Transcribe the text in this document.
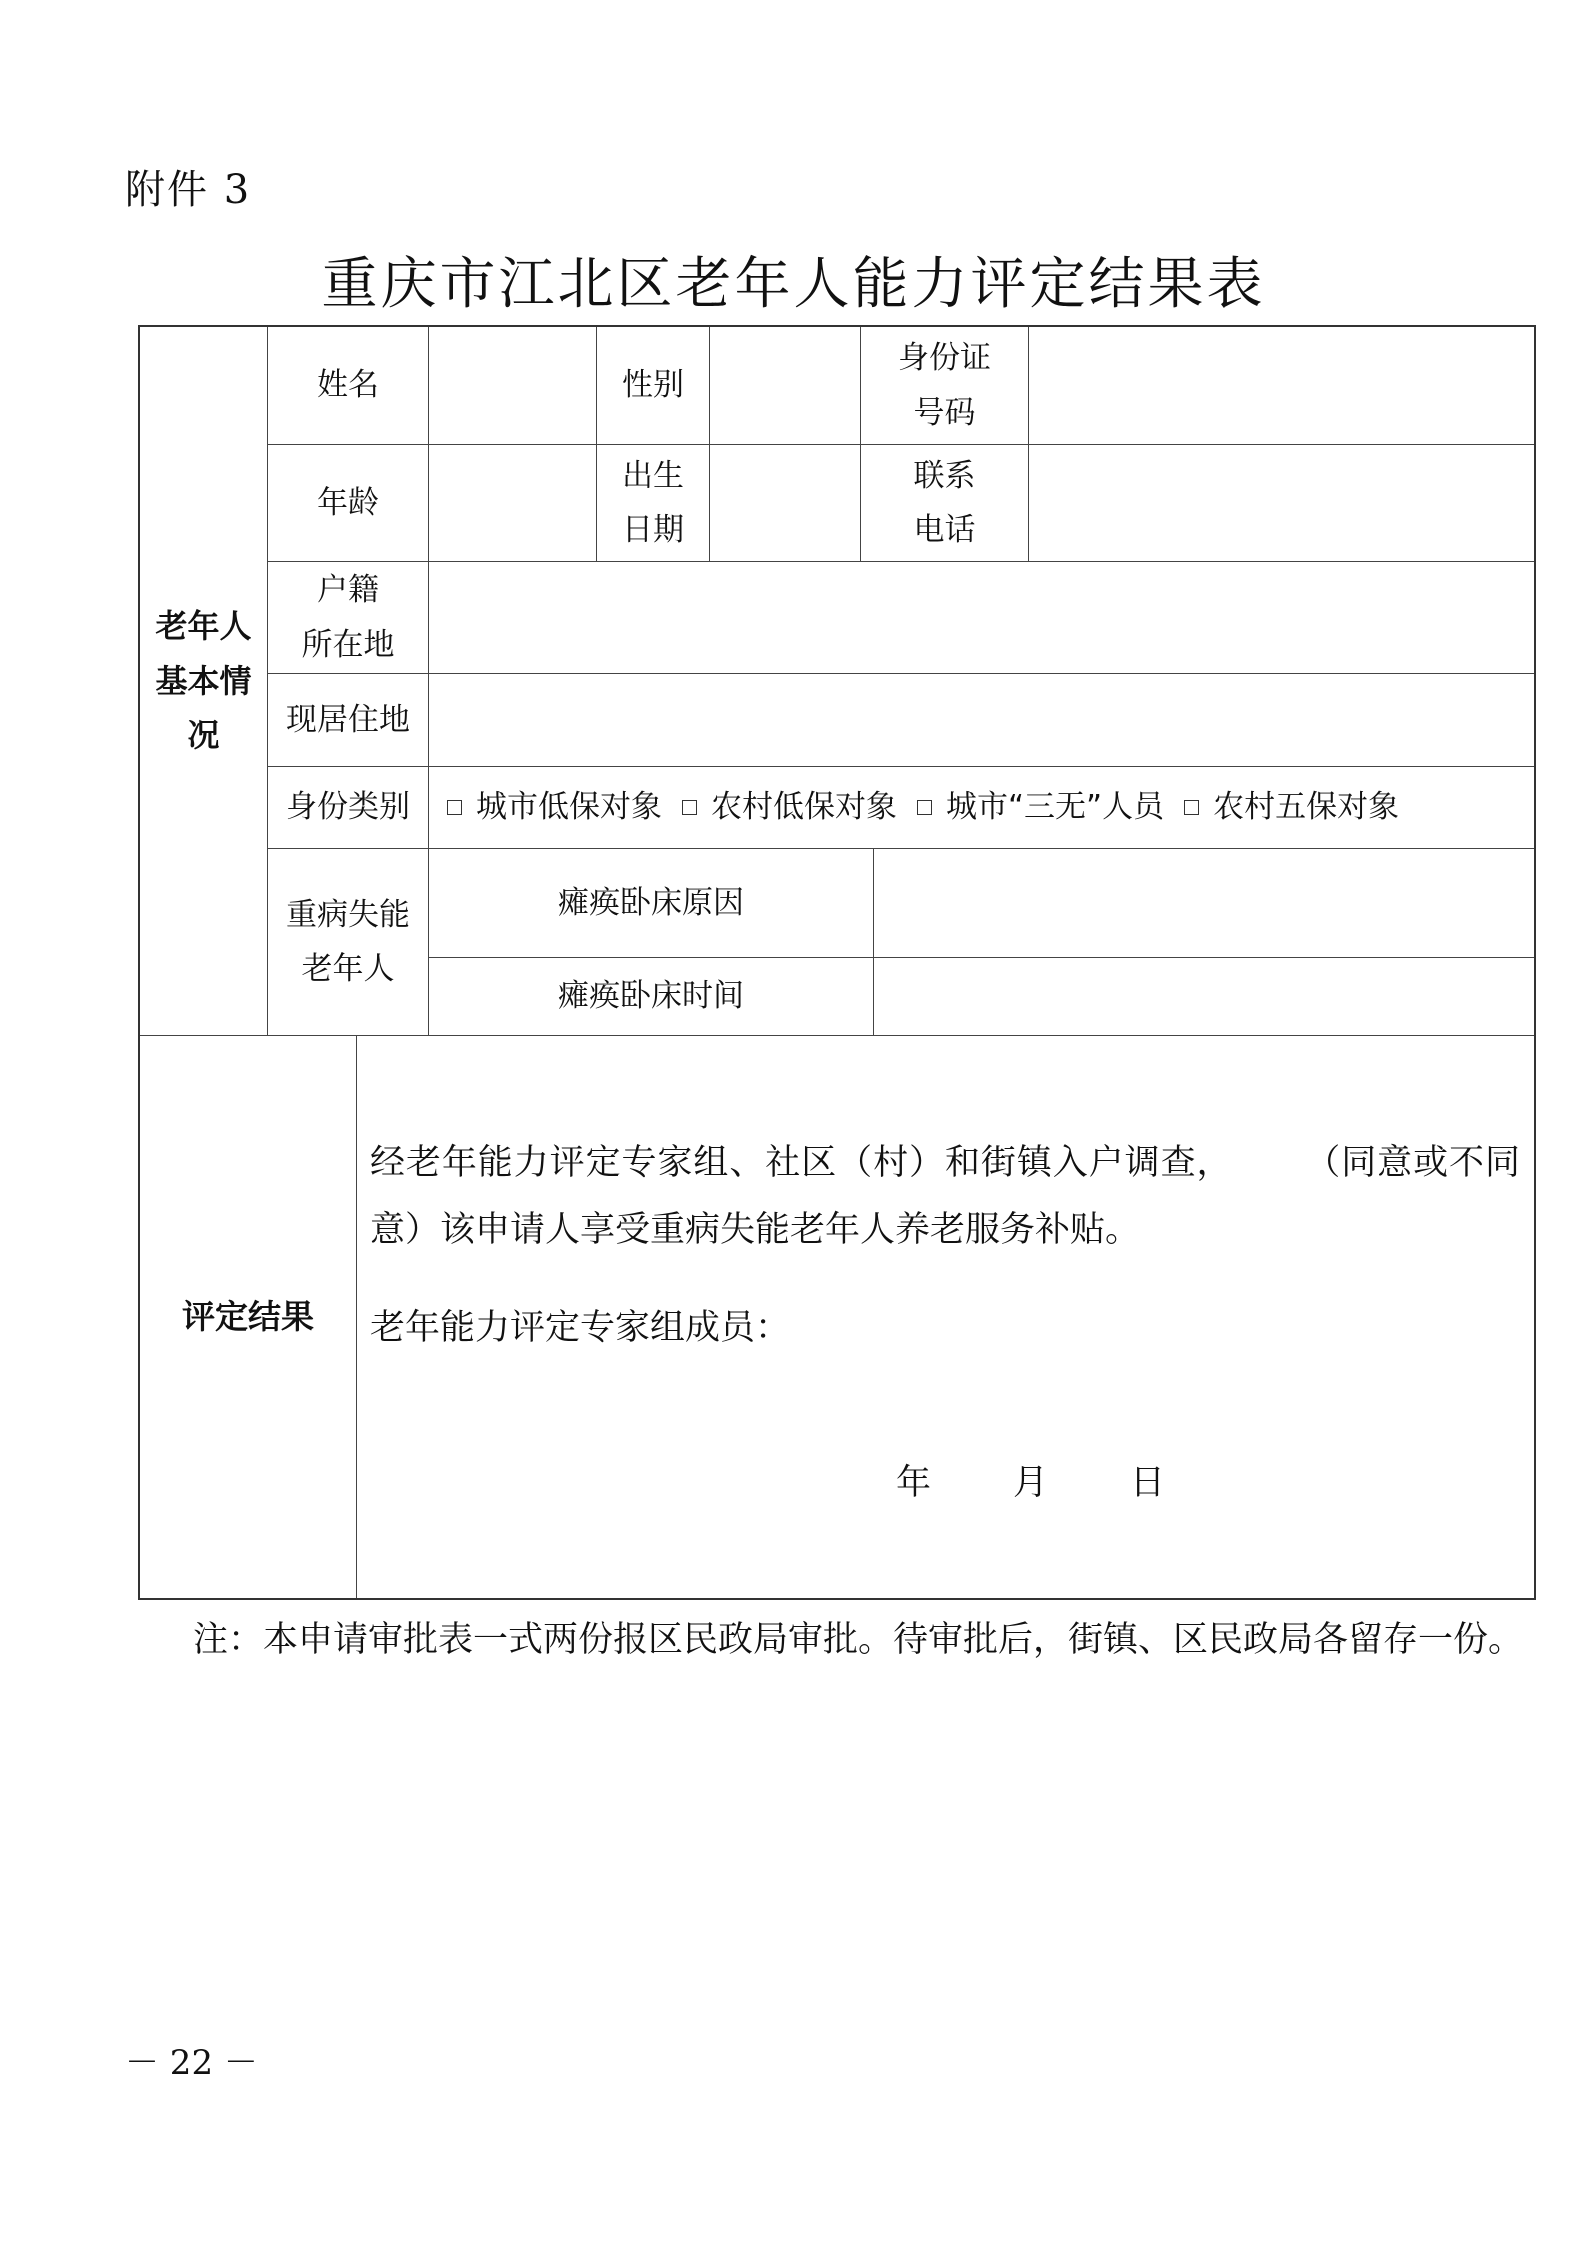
附件 3
重庆市江北区老年人能力评定结果表
老年人基本情况
姓名	性别
身份证
号码
年龄
出生
日期
联系
电话
户籍
所在地
现居住地
身份类别	城市低保对象 农村低保对象 城市“三无”人员 农村五保对象
重病失能
老年人
瘫痪卧床原因
瘫痪卧床时间
评定结果
经老年能力评定专家组、社区（村）和街镇入户调查，　　　（同意或不同意）该申请人享受重病失能老年人养老服务补贴。
老年能力评定专家组成员：
年 月 日
注：本申请审批表一式两份报区民政局审批。待审批后，街镇、区民政局各留存一份。
－ 22 －
